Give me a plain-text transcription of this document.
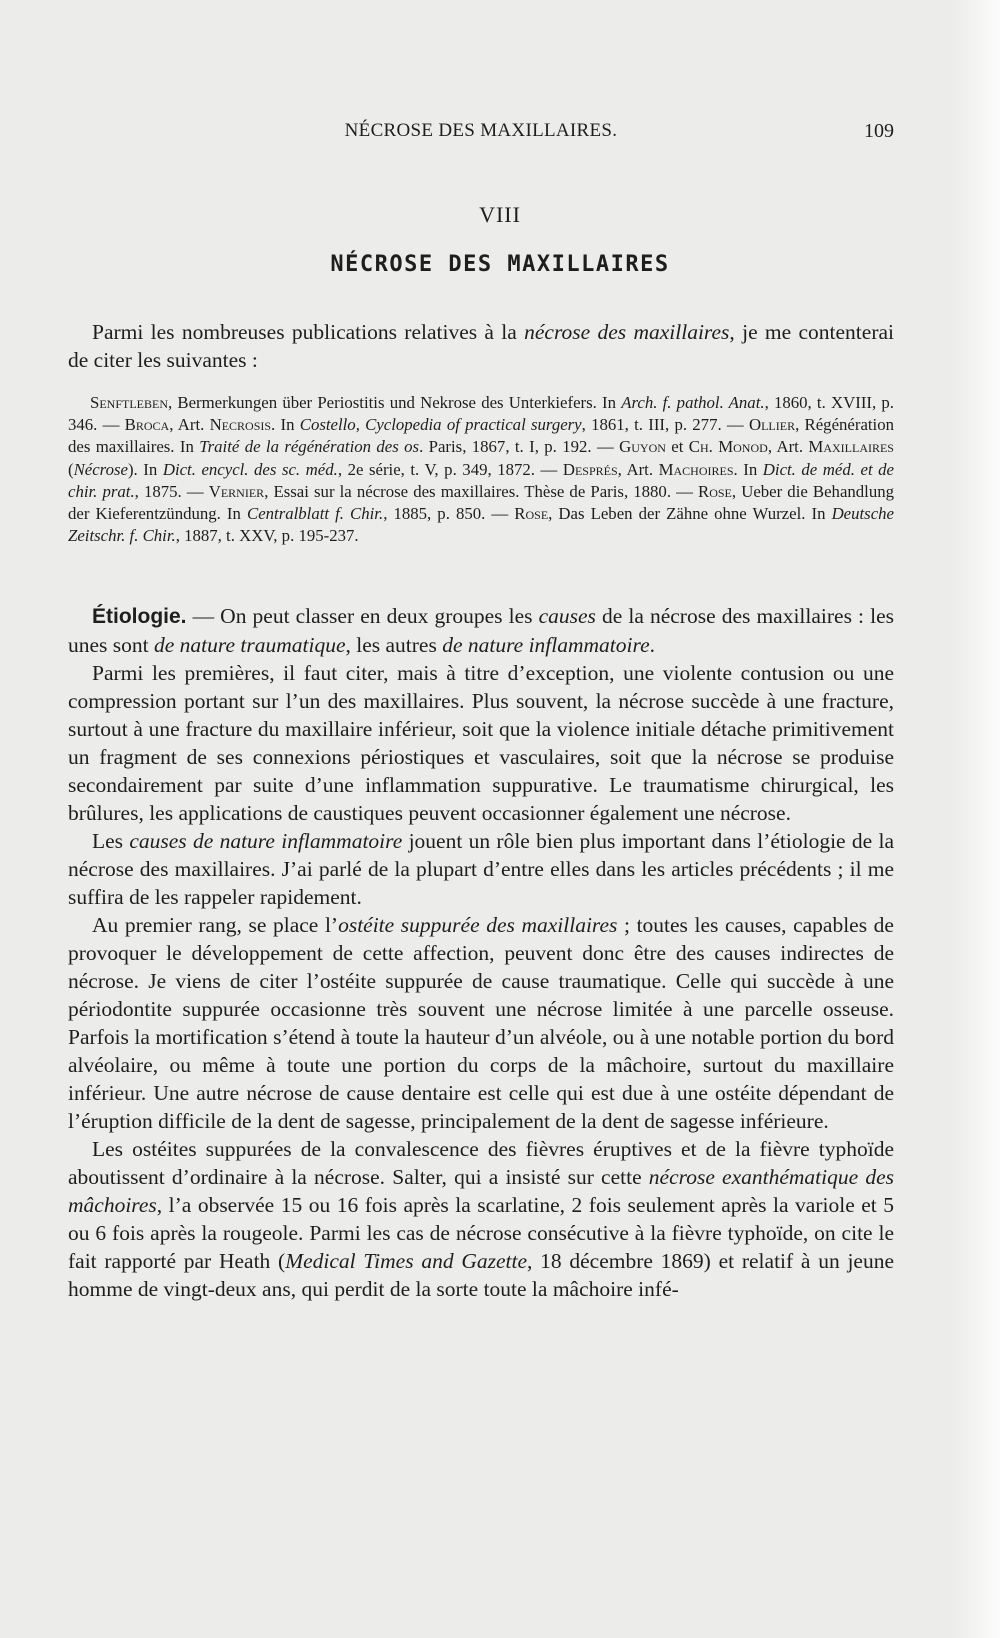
NÉCROSE DES MAXILLAIRES.	109
VIII
NÉCROSE DES MAXILLAIRES

Parmi les nombreuses publications relatives à la nécrose des maxillaires, je me contenterai de citer les suivantes :

Senftleben, Bermerkungen über Periostitis und Nekrose des Unterkiefers. In Arch. f. pathol. Anat., 1860, t. XVIII, p. 346. — Broca, Art. Necrosis. In Costello, Cyclopedia of practical surgery, 1861, t. III, p. 277. — Ollier, Régénération des maxillaires. In Traité de la régénération des os. Paris, 1867, t. I, p. 192. — Guyon et Ch. Monod, Art. Maxillaires (Nécrose). In Dict. encycl. des sc. méd., 2e série, t. V, p. 349, 1872. — Després, Art. Machoires. In Dict. de méd. et de chir. prat., 1875. — Vernier, Essai sur la nécrose des maxillaires. Thèse de Paris, 1880. — Rose, Ueber die Behandlung der Kieferentzündung. In Centralblatt f. Chir., 1885, p. 850. — Rose, Das Leben der Zähne ohne Wurzel. In Deutsche Zeitschr. f. Chir., 1887, t. XXV, p. 195-237.

Étiologie. — On peut classer en deux groupes les causes de la nécrose des maxillaires : les unes sont de nature traumatique, les autres de nature inflammatoire.

Parmi les premières, il faut citer, mais à titre d’exception, une violente contusion ou une compression portant sur l’un des maxillaires. Plus souvent, la nécrose succède à une fracture, surtout à une fracture du maxillaire inférieur, soit que la violence initiale détache primitivement un fragment de ses connexions périostiques et vasculaires, soit que la nécrose se produise secondairement par suite d’une inflammation suppurative. Le traumatisme chirurgical, les brûlures, les applications de caustiques peuvent occasionner également une nécrose.

Les causes de nature inflammatoire jouent un rôle bien plus important dans l’étiologie de la nécrose des maxillaires. J’ai parlé de la plupart d’entre elles dans les articles précédents ; il me suffira de les rappeler rapidement.

Au premier rang, se place l’ostéite suppurée des maxillaires ; toutes les causes, capables de provoquer le développement de cette affection, peuvent donc être des causes indirectes de nécrose. Je viens de citer l’ostéite suppurée de cause traumatique. Celle qui succède à une périodontite suppurée occasionne très souvent une nécrose limitée à une parcelle osseuse. Parfois la mortification s’étend à toute la hauteur d’un alvéole, ou à une notable portion du bord alvéolaire, ou même à toute une portion du corps de la mâchoire, surtout du maxillaire inférieur. Une autre nécrose de cause dentaire est celle qui est due à une ostéite dépendant de l’éruption difficile de la dent de sagesse, principalement de la dent de sagesse inférieure.

Les ostéites suppurées de la convalescence des fièvres éruptives et de la fièvre typhoïde aboutissent d’ordinaire à la nécrose. Salter, qui a insisté sur cette nécrose exanthématique des mâchoires, l’a observée 15 ou 16 fois après la scarlatine, 2 fois seulement après la variole et 5 ou 6 fois après la rougeole. Parmi les cas de nécrose consécutive à la fièvre typhoïde, on cite le fait rapporté par Heath (Medical Times and Gazette, 18 décembre 1869) et relatif à un jeune homme de vingt-deux ans, qui perdit de la sorte toute la mâchoire infé-
